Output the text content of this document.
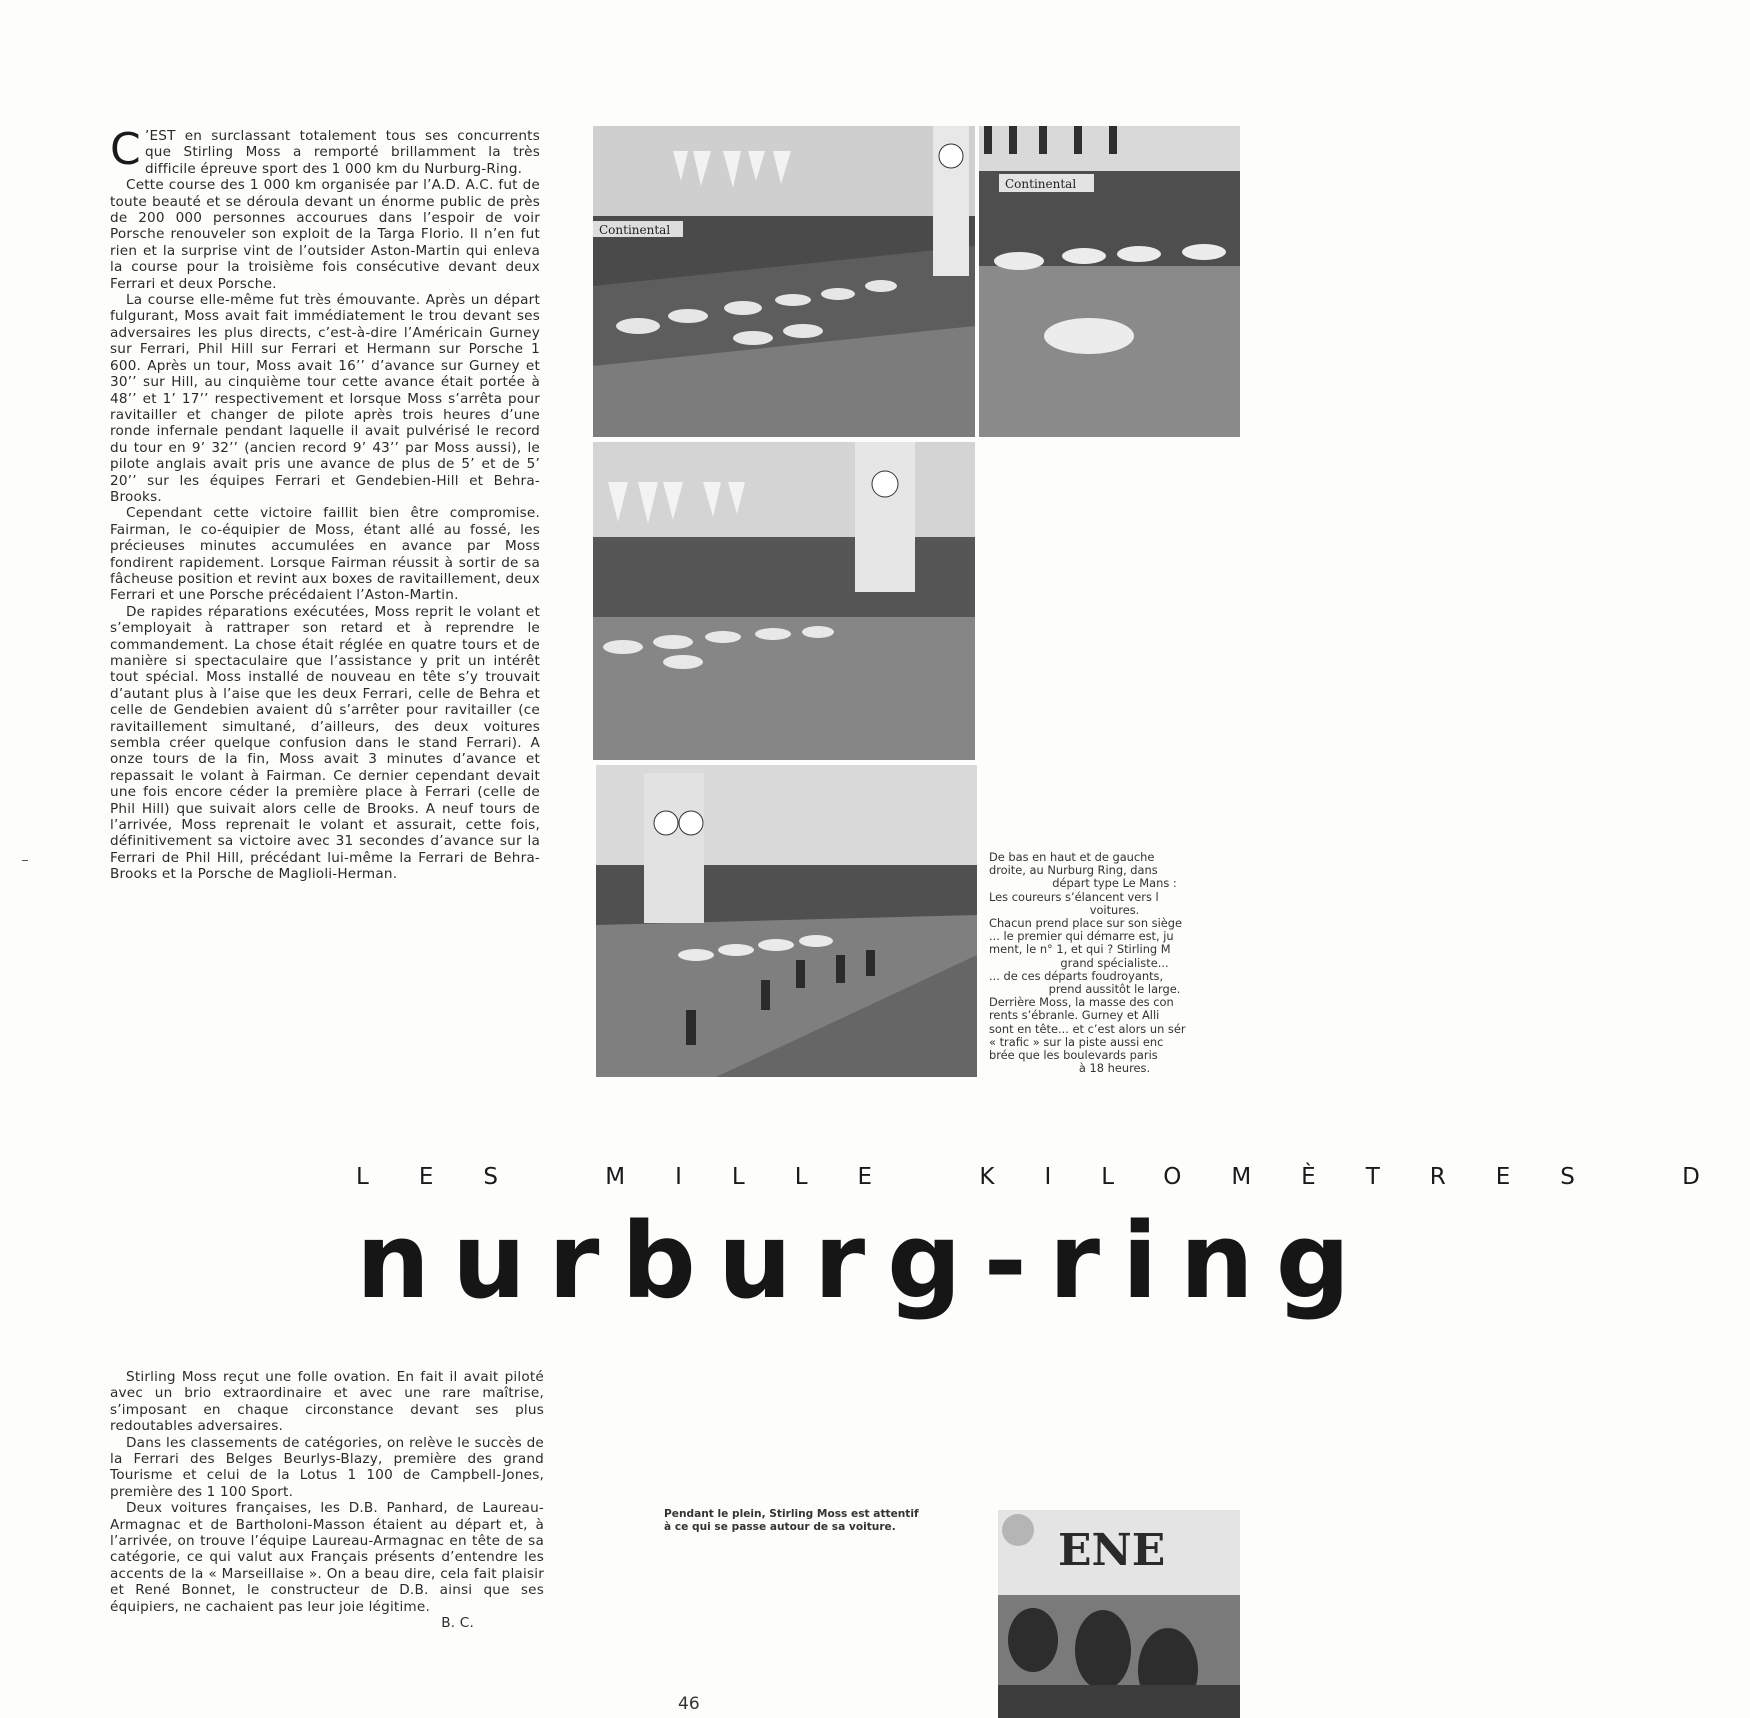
C ’EST en surclassant totalement tous ses concurrents que Stirling Moss a remporté brillamment la très difficile épreuve sport des 1 000 km du Nurburg-Ring.

Cette course des 1 000 km organisée par l’A.D. A.C. fut de toute beauté et se déroula devant un énorme public de près de 200 000 personnes accourues dans l’espoir de voir Porsche renouveler son exploit de la Targa Florio. Il n’en fut rien et la surprise vint de l’outsider Aston-Martin qui enleva la course pour la troisième fois consécutive devant deux Ferrari et deux Porsche.

La course elle-même fut très émouvante. Après un départ fulgurant, Moss avait fait immédiatement le trou devant ses adversaires les plus directs, c’est-à-dire l’Américain Gurney sur Ferrari, Phil Hill sur Ferrari et Hermann sur Porsche 1 600. Après un tour, Moss avait 16’’ d’avance sur Gurney et 30’’ sur Hill, au cinquième tour cette avance était portée à 48’’ et 1’ 17’’ respectivement et lorsque Moss s’arrêta pour ravitailler et changer de pilote après trois heures d’une ronde infernale pendant laquelle il avait pulvérisé le record du tour en 9’ 32’’ (ancien record 9’ 43’’ par Moss aussi), le pilote anglais avait pris une avance de plus de 5’ et de 5’ 20’’ sur les équipes Ferrari et Gendebien-Hill et Behra-Brooks.

Cependant cette victoire faillit bien être compromise. Fairman, le co-équipier de Moss, étant allé au fossé, les précieuses minutes accumulées en avance par Moss fondirent rapidement. Lorsque Fairman réussit à sortir de sa fâcheuse position et revint aux boxes de ravitaillement, deux Ferrari et une Porsche précédaient l’Aston-Martin.

De rapides réparations exécutées, Moss reprit le volant et s’employait à rattraper son retard et à reprendre le commandement. La chose était réglée en quatre tours et de manière si spectaculaire que l’assistance y prit un intérêt tout spécial. Moss installé de nouveau en tête s’y trouvait d’autant plus à l’aise que les deux Ferrari, celle de Behra et celle de Gendebien avaient dû s’arrêter pour ravitailler (ce ravitaillement simultané, d’ailleurs, des deux voitures sembla créer quelque confusion dans le stand Ferrari). A onze tours de la fin, Moss avait 3 minutes d’avance et repassait le volant à Fairman. Ce dernier cependant devait une fois encore céder la première place à Ferrari (celle de Phil Hill) que suivait alors celle de Brooks. A neuf tours de l’arrivée, Moss reprenait le volant et assurait, cette fois, définitivement sa victoire avec 31 secondes d’avance sur la Ferrari de Phil Hill, précédant lui-même la Ferrari de Behra-Brooks et la Porsche de Maglioli-Herman.

Continental
Continental
ENE
De bas en haut et de gauche
droite, au Nurburg Ring, dans
départ type Le Mans :
Les coureurs s’élancent vers l
voitures.
Chacun prend place sur son siège
... le premier qui démarre est, ju
ment, le n° 1, et qui ? Stirling M
grand spécialiste...
... de ces départs foudroyants,
prend aussitôt le large.
Derrière Moss, la masse des con
rents s’ébranle. Gurney et Alli
sont en tête... et c’est alors un sér
« trafic » sur la piste aussi enc
brée que les boulevards paris
à 18 heures.
LES MILLE KILOMÈTRES D
nurburg-ring

Stirling Moss reçut une folle ovation. En fait il avait piloté avec un brio extraordinaire et avec une rare maîtrise, s’imposant en chaque circonstance devant ses plus redoutables adversaires.

Dans les classements de catégories, on relève le succès de la Ferrari des Belges Beurlys-Blazy, première des grand Tourisme et celui de la Lotus 1 100 de Campbell-Jones, première des 1 100 Sport.

Deux voitures françaises, les D.B. Panhard, de Laureau-Armagnac et de Bartholoni-Masson étaient au départ et, à l’arrivée, on trouve l’équipe Laureau-Armagnac en tête de sa catégorie, ce qui valut aux Français présents d’entendre les accents de la « Marseillaise ». On a beau dire, cela fait plaisir et René Bonnet, le constructeur de D.B. ainsi que ses équipiers, ne cachaient pas leur joie légitime.

B. C.

Pendant le plein, Stirling Moss est attentif
à ce qui se passe autour de sa voiture.
46
